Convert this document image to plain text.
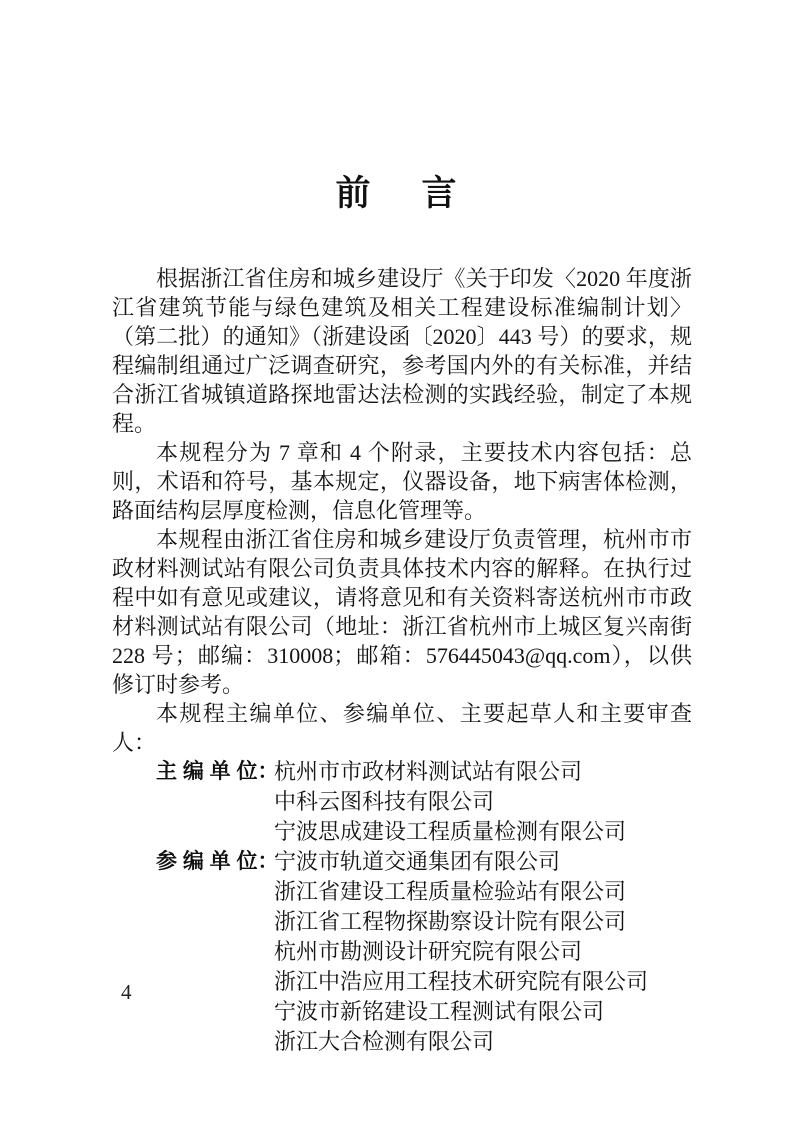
前　言

根据浙江省住房和城乡建设厅《关于印发〈2020 年度浙江省建筑节能与绿色建筑及相关工程建设标准编制计划〉（第二批）的通知》（浙建设函〔2020〕443 号）的要求，规程编制组通过广泛调查研究，参考国内外的有关标准，并结合浙江省城镇道路探地雷达法检测的实践经验，制定了本规程。

本规程分为 7 章和 4 个附录，主要技术内容包括：总则，术语和符号，基本规定，仪器设备，地下病害体检测，路面结构层厚度检测，信息化管理等。

本规程由浙江省住房和城乡建设厅负责管理，杭州市市政材料测试站有限公司负责具体技术内容的解释。在执行过程中如有意见或建议，请将意见和有关资料寄送杭州市市政材料测试站有限公司（地址：浙江省杭州市上城区复兴南街 228 号；邮编：310008；邮箱：576445043@qq.com），以供修订时参考。

本规程主编单位、参编单位、主要起草人和主要审查人：

主 编 单 位：
杭州市市政材料测试站有限公司
中科云图科技有限公司
宁波思成建设工程质量检测有限公司
参 编 单 位：
宁波市轨道交通集团有限公司
浙江省建设工程质量检验站有限公司
浙江省工程物探勘察设计院有限公司
杭州市勘测设计研究院有限公司
浙江中浩应用工程技术研究院有限公司
宁波市新铭建设工程测试有限公司
浙江大合检测有限公司
4
